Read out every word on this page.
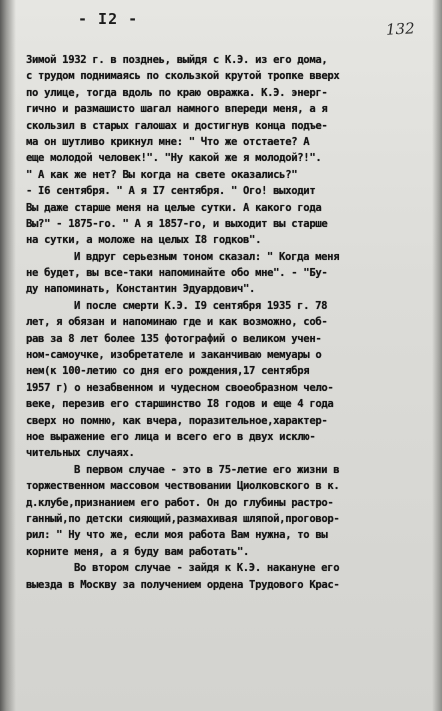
- I2 -
132
Зимой 1932 г. в позднеь, выйдя с К.Э. из его дома,
с трудом поднимаясь по скользкой крутой тропке вверх
по улице, тогда вдоль по краю овражка. К.Э. энерг-
гично и размашисто шагал намного впереди меня, а я
скользил в старых галошах и достигнув конца подъе-
ма он шутливо крикнул мне: " Что же отстаете? А
еще молодой человек!". "Ну какой же я молодой?!".
" А как же нет? Вы когда на свете оказались?"
- I6 сентября. " А я I7 сентября. " Ого! выходит
Вы даже старше меня на целые сутки. А какого года
Вы?" - 1875-го. " А я 1857-го, и выходит вы старше
на сутки, а моложе на целых I8 годков".
И вдруг серьезным тоном сказал: " Когда меня
не будет, вы все-таки напоминайте обо мне". - "Бу-
ду напоминать, Константин Эдуардович".
И после смерти К.Э. I9 сентября 1935 г. 78
лет, я обязан и напоминаю где и как возможно, соб-
рав за 8 лет более 135 фотографий о великом учен-
ном-самоучке, изобретателе и заканчиваю мемуары о
нем(к 100-летию со дня его рождения,17 сентября
1957 г) о незабвенном и чудесном своеобразном чело-
веке, перезив его старшинство I8 годов и еще 4 года
сверх но помню, как вчера, поразительное,характер-
ное выражение его лица и всего его в двух исклю-
чительных случаях.
В первом случае - это в 75-летие его жизни в
торжественном массовом чествовании Циолковского в к.
д.клубе,признанием его работ. Он до глубины растро-
ганный,по детски сияющий,размахивая шляпой,проговор-
рил: " Ну что же, если моя работа Вам нужна, то вы
корните меня, а я буду вам работать".
Во втором случае - зайдя к К.Э. накануне его
выезда в Москву за получением ордена Трудового Крас-
